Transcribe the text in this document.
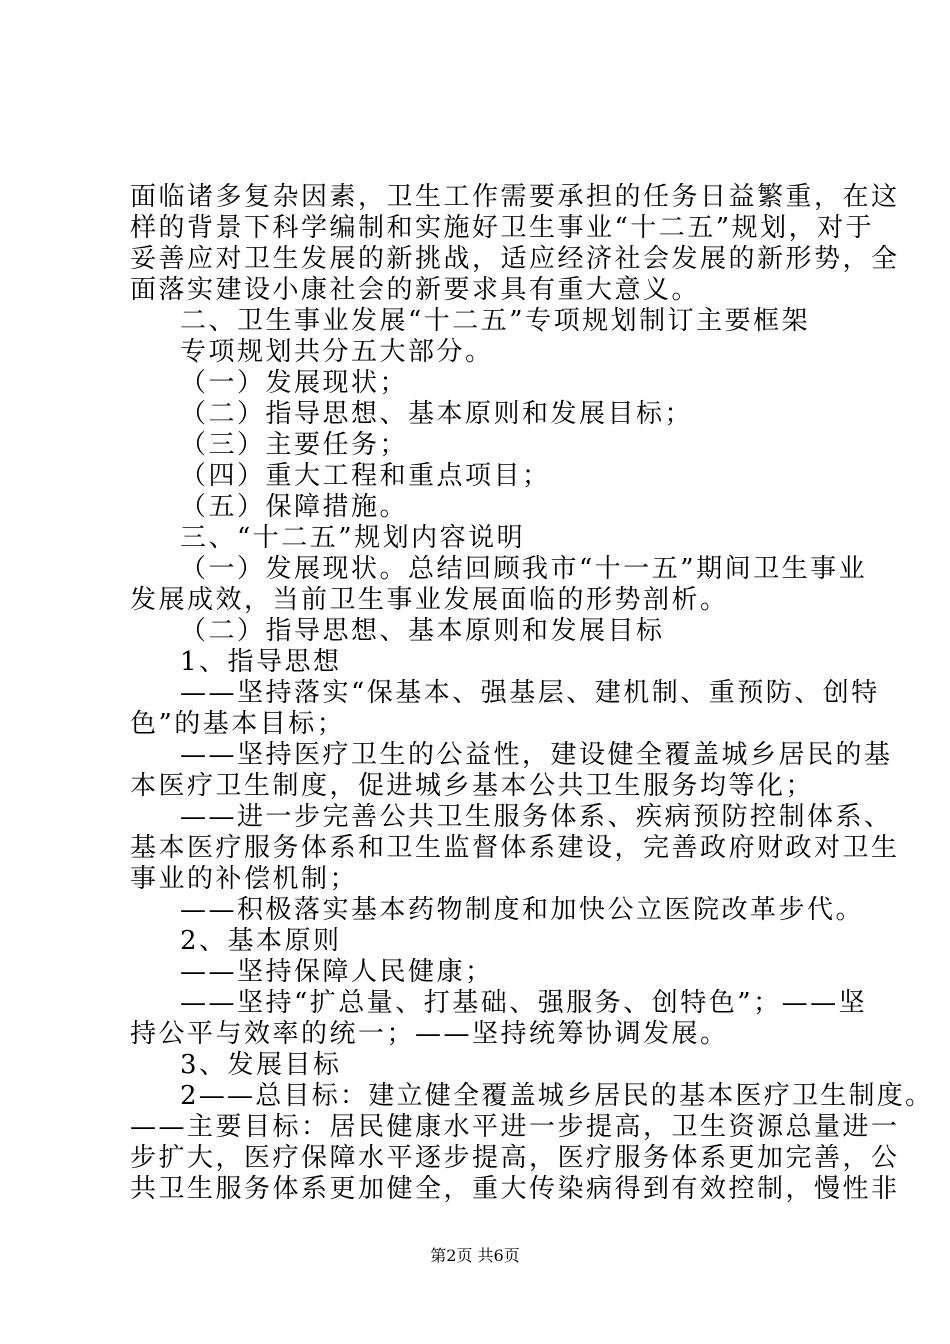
面临诸多复杂因素，卫生工作需要承担的任务日益繁重，在这
样的背景下科学编制和实施好卫生事业“十二五”规划，对于
妥善应对卫生发展的新挑战，适应经济社会发展的新形势，全
面落实建设小康社会的新要求具有重大意义。
二、卫生事业发展“十二五”专项规划制订主要框架
专项规划共分五大部分。
（一）发展现状；
（二）指导思想、基本原则和发展目标；
（三）主要任务；
（四）重大工程和重点项目；
（五）保障措施。
三、“十二五”规划内容说明
（一）发展现状。总结回顾我市“十一五”期间卫生事业
发展成效，当前卫生事业发展面临的形势剖析。
（二）指导思想、基本原则和发展目标
1、指导思想
——坚持落实“保基本、强基层、建机制、重预防、创特
色”的基本目标；
——坚持医疗卫生的公益性，建设健全覆盖城乡居民的基
本医疗卫生制度，促进城乡基本公共卫生服务均等化；
——进一步完善公共卫生服务体系、疾病预防控制体系、
基本医疗服务体系和卫生监督体系建设，完善政府财政对卫生
事业的补偿机制；
——积极落实基本药物制度和加快公立医院改革步代。
2、基本原则
——坚持保障人民健康；
——坚持“扩总量、打基础、强服务、创特色”；——坚
持公平与效率的统一；——坚持统筹协调发展。
3、发展目标
2——总目标：建立健全覆盖城乡居民的基本医疗卫生制度。
——主要目标：居民健康水平进一步提高，卫生资源总量进一
步扩大，医疗保障水平逐步提高，医疗服务体系更加完善，公
共卫生服务体系更加健全，重大传染病得到有效控制，慢性非
第2页 共6页
